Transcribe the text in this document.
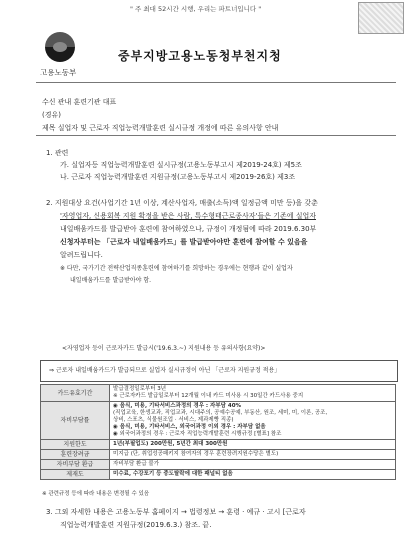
" 주 최대 52시간 시행, 우리는 파트너입니다 "
고용노동부
중부지방고용노동청부천지청
수신 관내 훈련기관 대표
(경유)
제목 실업자 및 근로자 직업능력개발훈련 실시규정 개정에 따른 유의사항 안내
1. 관련
가. 실업자등 직업능력개발훈련 실시규정(고용노동부고시 제2019-24호) 제5조
나. 근로자 직업능력개발훈련 지원규정(고용노동부고시 제2019-26호) 제3조
2. 지원대상 요건(사업기간 1년 이상, 계산사업자, 매출(소득)액 일정금액 미만 등)을 갖춘
'자영업자, 신용회복 지원 확정을 받은 사람, 특수형태근로종사자'들은 기존에 실업자
내일배움카드를 발급받아 훈련에 참여하였으나, 규정이 개정됨에 따라 2019.6.30부
신청자부터는 「근로자 내일배움카드」를 발급받아야만 훈련에 참여할 수 있음을
알려드립니다.
※ 다만, 국가기간 전략산업직종훈련에 참여하기를 희망하는 경우에는 현행과 같이 실업자
내일배움카드를 발급받아야 함.
<자영업자 등이 근로자카드 발급시('19.6.3.~) 지원내용 등 유의사항(요약)>
⇒ 근로자 내일배움카드가 발급되므로 실업자 실시규정이 아닌 「근로자 지원규정 적용」
카드유효기간	발급결정일로부터 3년
※ 근로자카드 발급일로부터 12개월 이내 카드 미사용 시 30일간 카드사용 중지

자비부담률	◉ 음식, 미용, 기타서비스과정의 경우 : 자부담 40%
(직업교육, 한생교과, 직업교과, 시대주의, 공예수공예, 부동산, 원조, 세미, 미, 이론, 공조,
상비, 스포츠, 식물원조업 · 서비스, 제과제빵 직종)
◉ 음식, 미용, 기타서비스, 외국어과정 이외 경우 : 자부담 없음
◉ 외국어과정의 경우 : 근로자 직업능력개발훈련 시행규정 [별표] 참조

지원한도	1년(부필업도) 200만원, 5년간 최대 300만원

훈련장려금	미지급 (단, 취업성공패키지 참여자의 경우 훈련장려지원수당은 별도)

자비부담 환급	자비부담 환급 불가

제재도	미수료, 수강포기 등 중도탈락에 대한 패널티 없음
※ 관련규정 등에 따라 내용은 변경될 수 있음
3. 그외 자세한 내용은 고용노동부 홈페이지 → 법령정보 → 훈령 · 예규 · 고시 [근로자
직업능력개발훈련 지원규정(2019.6.3.) 참조. 끝.
